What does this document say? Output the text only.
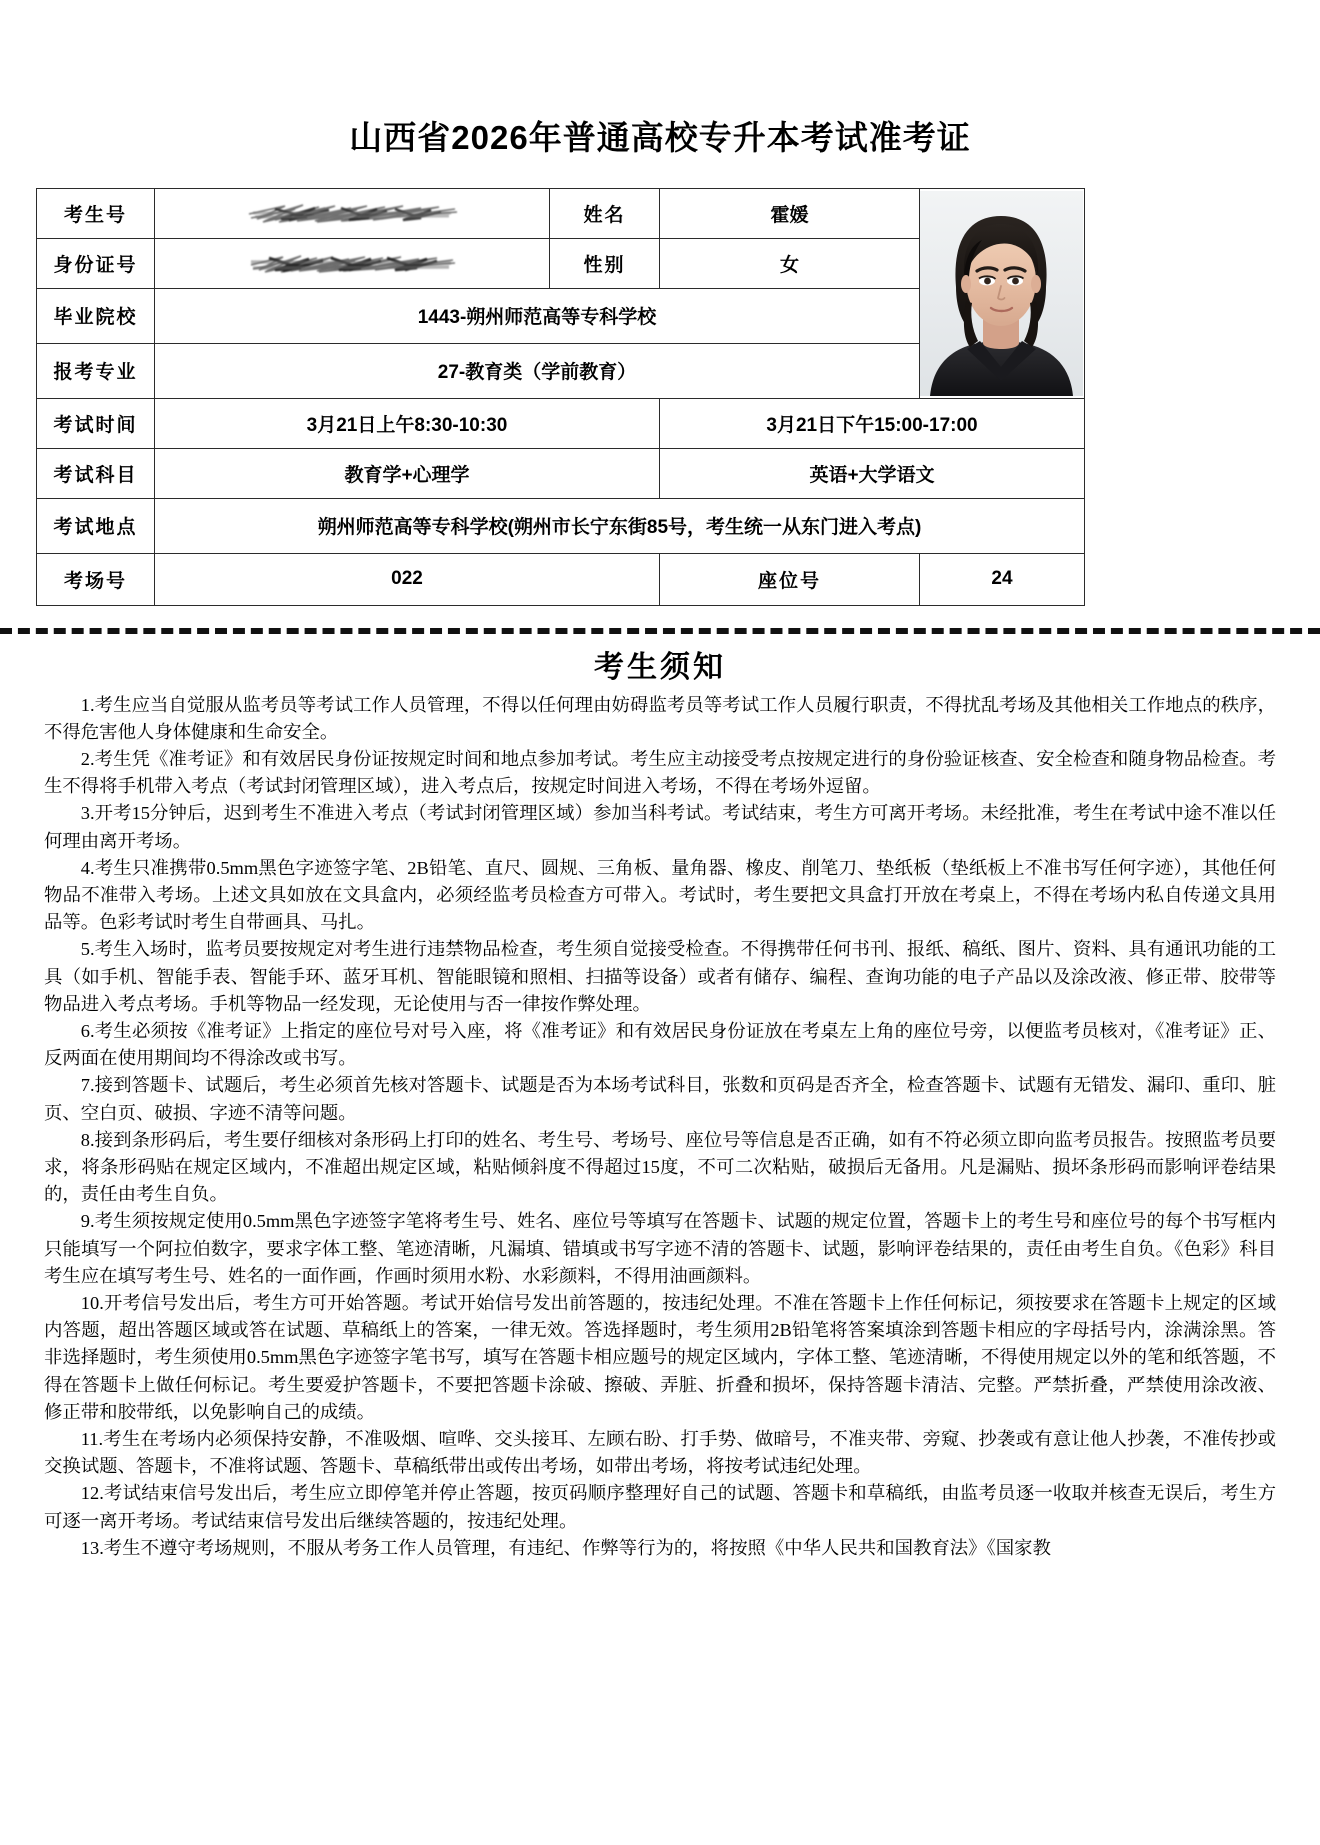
山西省2026年普通高校专升本考试准考证
考生号		姓名	霍媛	

身份证号		性别	女	
毕业院校	1443-朔州师范高等专科学校			
报考专业	27-教育类（学前教育）			
考试时间	3月21日上午8:30-10:30		3月21日下午15:00-17:00	
考试科目	教育学+心理学		英语+大学语文	
考试地点	朔州师范高等专科学校(朔州市长宁东街85号，考生统一从东门进入考点)			
考场号	022		座位号	24
考生须知

1.考生应当自觉服从监考员等考试工作人员管理，不得以任何理由妨碍监考员等考试工作人员履行职责，不得扰乱考场及其他相关工作地点的秩序，不得危害他人身体健康和生命安全。

2.考生凭《准考证》和有效居民身份证按规定时间和地点参加考试。考生应主动接受考点按规定进行的身份验证核查、安全检查和随身物品检查。考生不得将手机带入考点（考试封闭管理区域），进入考点后，按规定时间进入考场，不得在考场外逗留。

3.开考15分钟后，迟到考生不准进入考点（考试封闭管理区域）参加当科考试。考试结束，考生方可离开考场。未经批准，考生在考试中途不准以任何理由离开考场。

4.考生只准携带0.5mm黑色字迹签字笔、2B铅笔、直尺、圆规、三角板、量角器、橡皮、削笔刀、垫纸板（垫纸板上不准书写任何字迹），其他任何物品不准带入考场。上述文具如放在文具盒内，必须经监考员检查方可带入。考试时，考生要把文具盒打开放在考桌上，不得在考场内私自传递文具用品等。色彩考试时考生自带画具、马扎。

5.考生入场时，监考员要按规定对考生进行违禁物品检查，考生须自觉接受检查。不得携带任何书刊、报纸、稿纸、图片、资料、具有通讯功能的工具（如手机、智能手表、智能手环、蓝牙耳机、智能眼镜和照相、扫描等设备）或者有储存、编程、查询功能的电子产品以及涂改液、修正带、胶带等物品进入考点考场。手机等物品一经发现，无论使用与否一律按作弊处理。

6.考生必须按《准考证》上指定的座位号对号入座，将《准考证》和有效居民身份证放在考桌左上角的座位号旁，以便监考员核对，《准考证》正、反两面在使用期间均不得涂改或书写。

7.接到答题卡、试题后，考生必须首先核对答题卡、试题是否为本场考试科目，张数和页码是否齐全，检查答题卡、试题有无错发、漏印、重印、脏页、空白页、破损、字迹不清等问题。

8.接到条形码后，考生要仔细核对条形码上打印的姓名、考生号、考场号、座位号等信息是否正确，如有不符必须立即向监考员报告。按照监考员要求，将条形码贴在规定区域内，不准超出规定区域，粘贴倾斜度不得超过15度，不可二次粘贴，破损后无备用。凡是漏贴、损坏条形码而影响评卷结果的，责任由考生自负。

9.考生须按规定使用0.5mm黑色字迹签字笔将考生号、姓名、座位号等填写在答题卡、试题的规定位置，答题卡上的考生号和座位号的每个书写框内只能填写一个阿拉伯数字，要求字体工整、笔迹清晰，凡漏填、错填或书写字迹不清的答题卡、试题，影响评卷结果的，责任由考生自负。《色彩》科目考生应在填写考生号、姓名的一面作画，作画时须用水粉、水彩颜料，不得用油画颜料。

10.开考信号发出后，考生方可开始答题。考试开始信号发出前答题的，按违纪处理。不准在答题卡上作任何标记，须按要求在答题卡上规定的区域内答题，超出答题区域或答在试题、草稿纸上的答案，一律无效。答选择题时，考生须用2B铅笔将答案填涂到答题卡相应的字母括号内，涂满涂黑。答非选择题时，考生须使用0.5mm黑色字迹签字笔书写，填写在答题卡相应题号的规定区域内，字体工整、笔迹清晰，不得使用规定以外的笔和纸答题，不得在答题卡上做任何标记。考生要爱护答题卡，不要把答题卡涂破、擦破、弄脏、折叠和损坏，保持答题卡清洁、完整。严禁折叠，严禁使用涂改液、修正带和胶带纸，以免影响自己的成绩。

11.考生在考场内必须保持安静，不准吸烟、喧哗、交头接耳、左顾右盼、打手势、做暗号，不准夹带、旁窥、抄袭或有意让他人抄袭，不准传抄或交换试题、答题卡，不准将试题、答题卡、草稿纸带出或传出考场，如带出考场，将按考试违纪处理。

12.考试结束信号发出后，考生应立即停笔并停止答题，按页码顺序整理好自己的试题、答题卡和草稿纸，由监考员逐一收取并核查无误后，考生方可逐一离开考场。考试结束信号发出后继续答题的，按违纪处理。

13.考生不遵守考场规则，不服从考务工作人员管理，有违纪、作弊等行为的，将按照《中华人民共和国教育法》《国家教
